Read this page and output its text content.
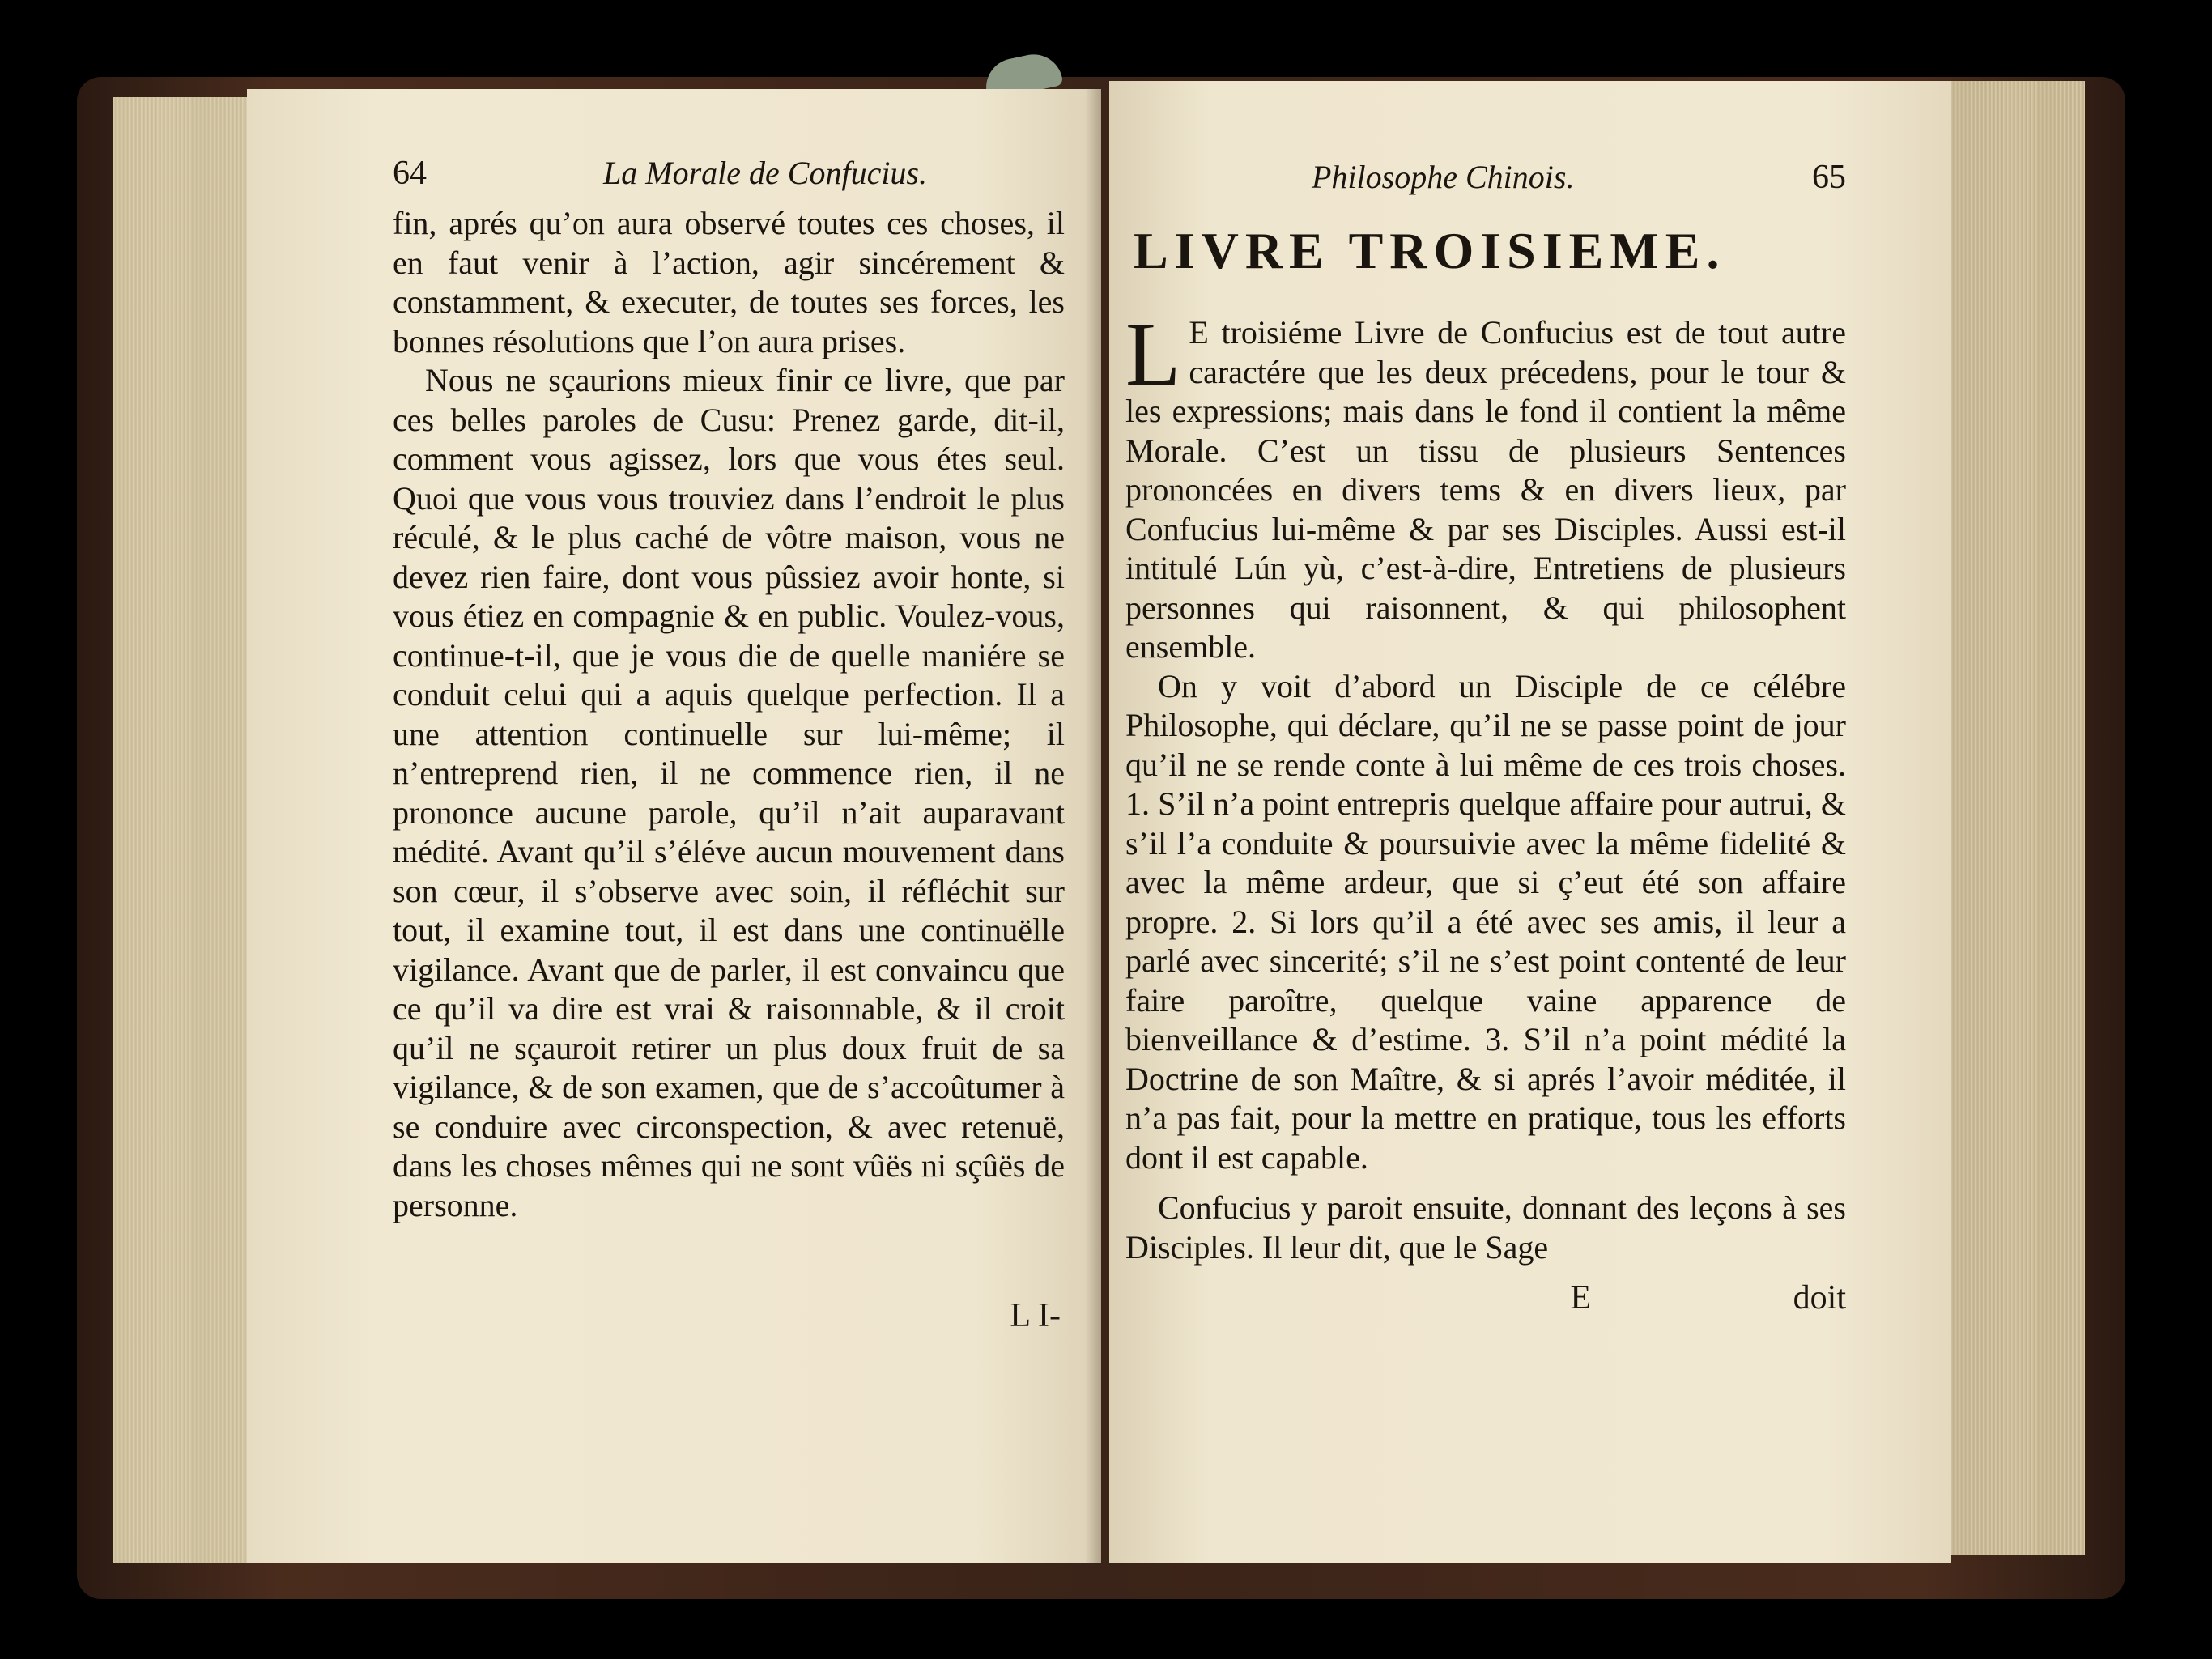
64	La Morale de Confucius.

fin, aprés qu’on aura observé toutes ces choses, il en faut venir à l’action, agir sincérement & constamment, & executer, de toutes ses forces, les bonnes résolutions que l’on aura prises.

Nous ne sçaurions mieux finir ce livre, que par ces belles paroles de Cusu: Prenez garde, dit-il, comment vous agissez, lors que vous étes seul. Quoi que vous vous trouviez dans l’endroit le plus réculé, & le plus caché de vôtre maison, vous ne devez rien faire, dont vous pûssiez avoir honte, si vous étiez en compagnie & en public. Voulez-vous, continue-t-il, que je vous die de quelle maniére se conduit celui qui a aquis quelque perfection. Il a une attention continuelle sur lui-même; il n’entreprend rien, il ne commence rien, il ne prononce aucune parole, qu’il n’ait auparavant médité. Avant qu’il s’éléve aucun mouvement dans son cœur, il s’observe avec soin, il réfléchit sur tout, il examine tout, il est dans une continuëlle vigilance. Avant que de parler, il est convaincu que ce qu’il va dire est vrai & raisonnable, & il croit qu’il ne sçauroit retirer un plus doux fruit de sa vigilance, & de son examen, que de s’accoûtumer à se conduire avec circonspection, & avec retenuë, dans les choses mêmes qui ne sont vûës ni sçûës de personne.

L I-
Philosophe Chinois.	65
LIVRE TROISIEME.

L E troisiéme Livre de Confucius est de tout autre caractére que les deux précedens, pour le tour & les expressions; mais dans le fond il contient la même Morale. C’est un tissu de plusieurs Sentences prononcées en divers tems & en divers lieux, par Confucius lui-même & par ses Disciples. Aussi est-il intitulé Lún yù, c’est-à-dire, Entretiens de plusieurs personnes qui raisonnent, & qui philosophent ensemble.

On y voit d’abord un Disciple de ce célébre Philosophe, qui déclare, qu’il ne se passe point de jour qu’il ne se rende conte à lui même de ces trois choses. 1. S’il n’a point entrepris quelque affaire pour autrui, & s’il l’a conduite & poursuivie avec la même fidelité & avec la même ardeur, que si ç’eut été son affaire propre. 2. Si lors qu’il a été avec ses amis, il leur a parlé avec sincerité; s’il ne s’est point contenté de leur faire paroître, quelque vaine apparence de bienveillance & d’estime. 3. S’il n’a point médité la Doctrine de son Maître, & si aprés l’avoir méditée, il n’a pas fait, pour la mettre en pratique, tous les efforts dont il est capable.

Confucius y paroit ensuite, donnant des leçons à ses Disciples. Il leur dit, que le Sage

E	doit
